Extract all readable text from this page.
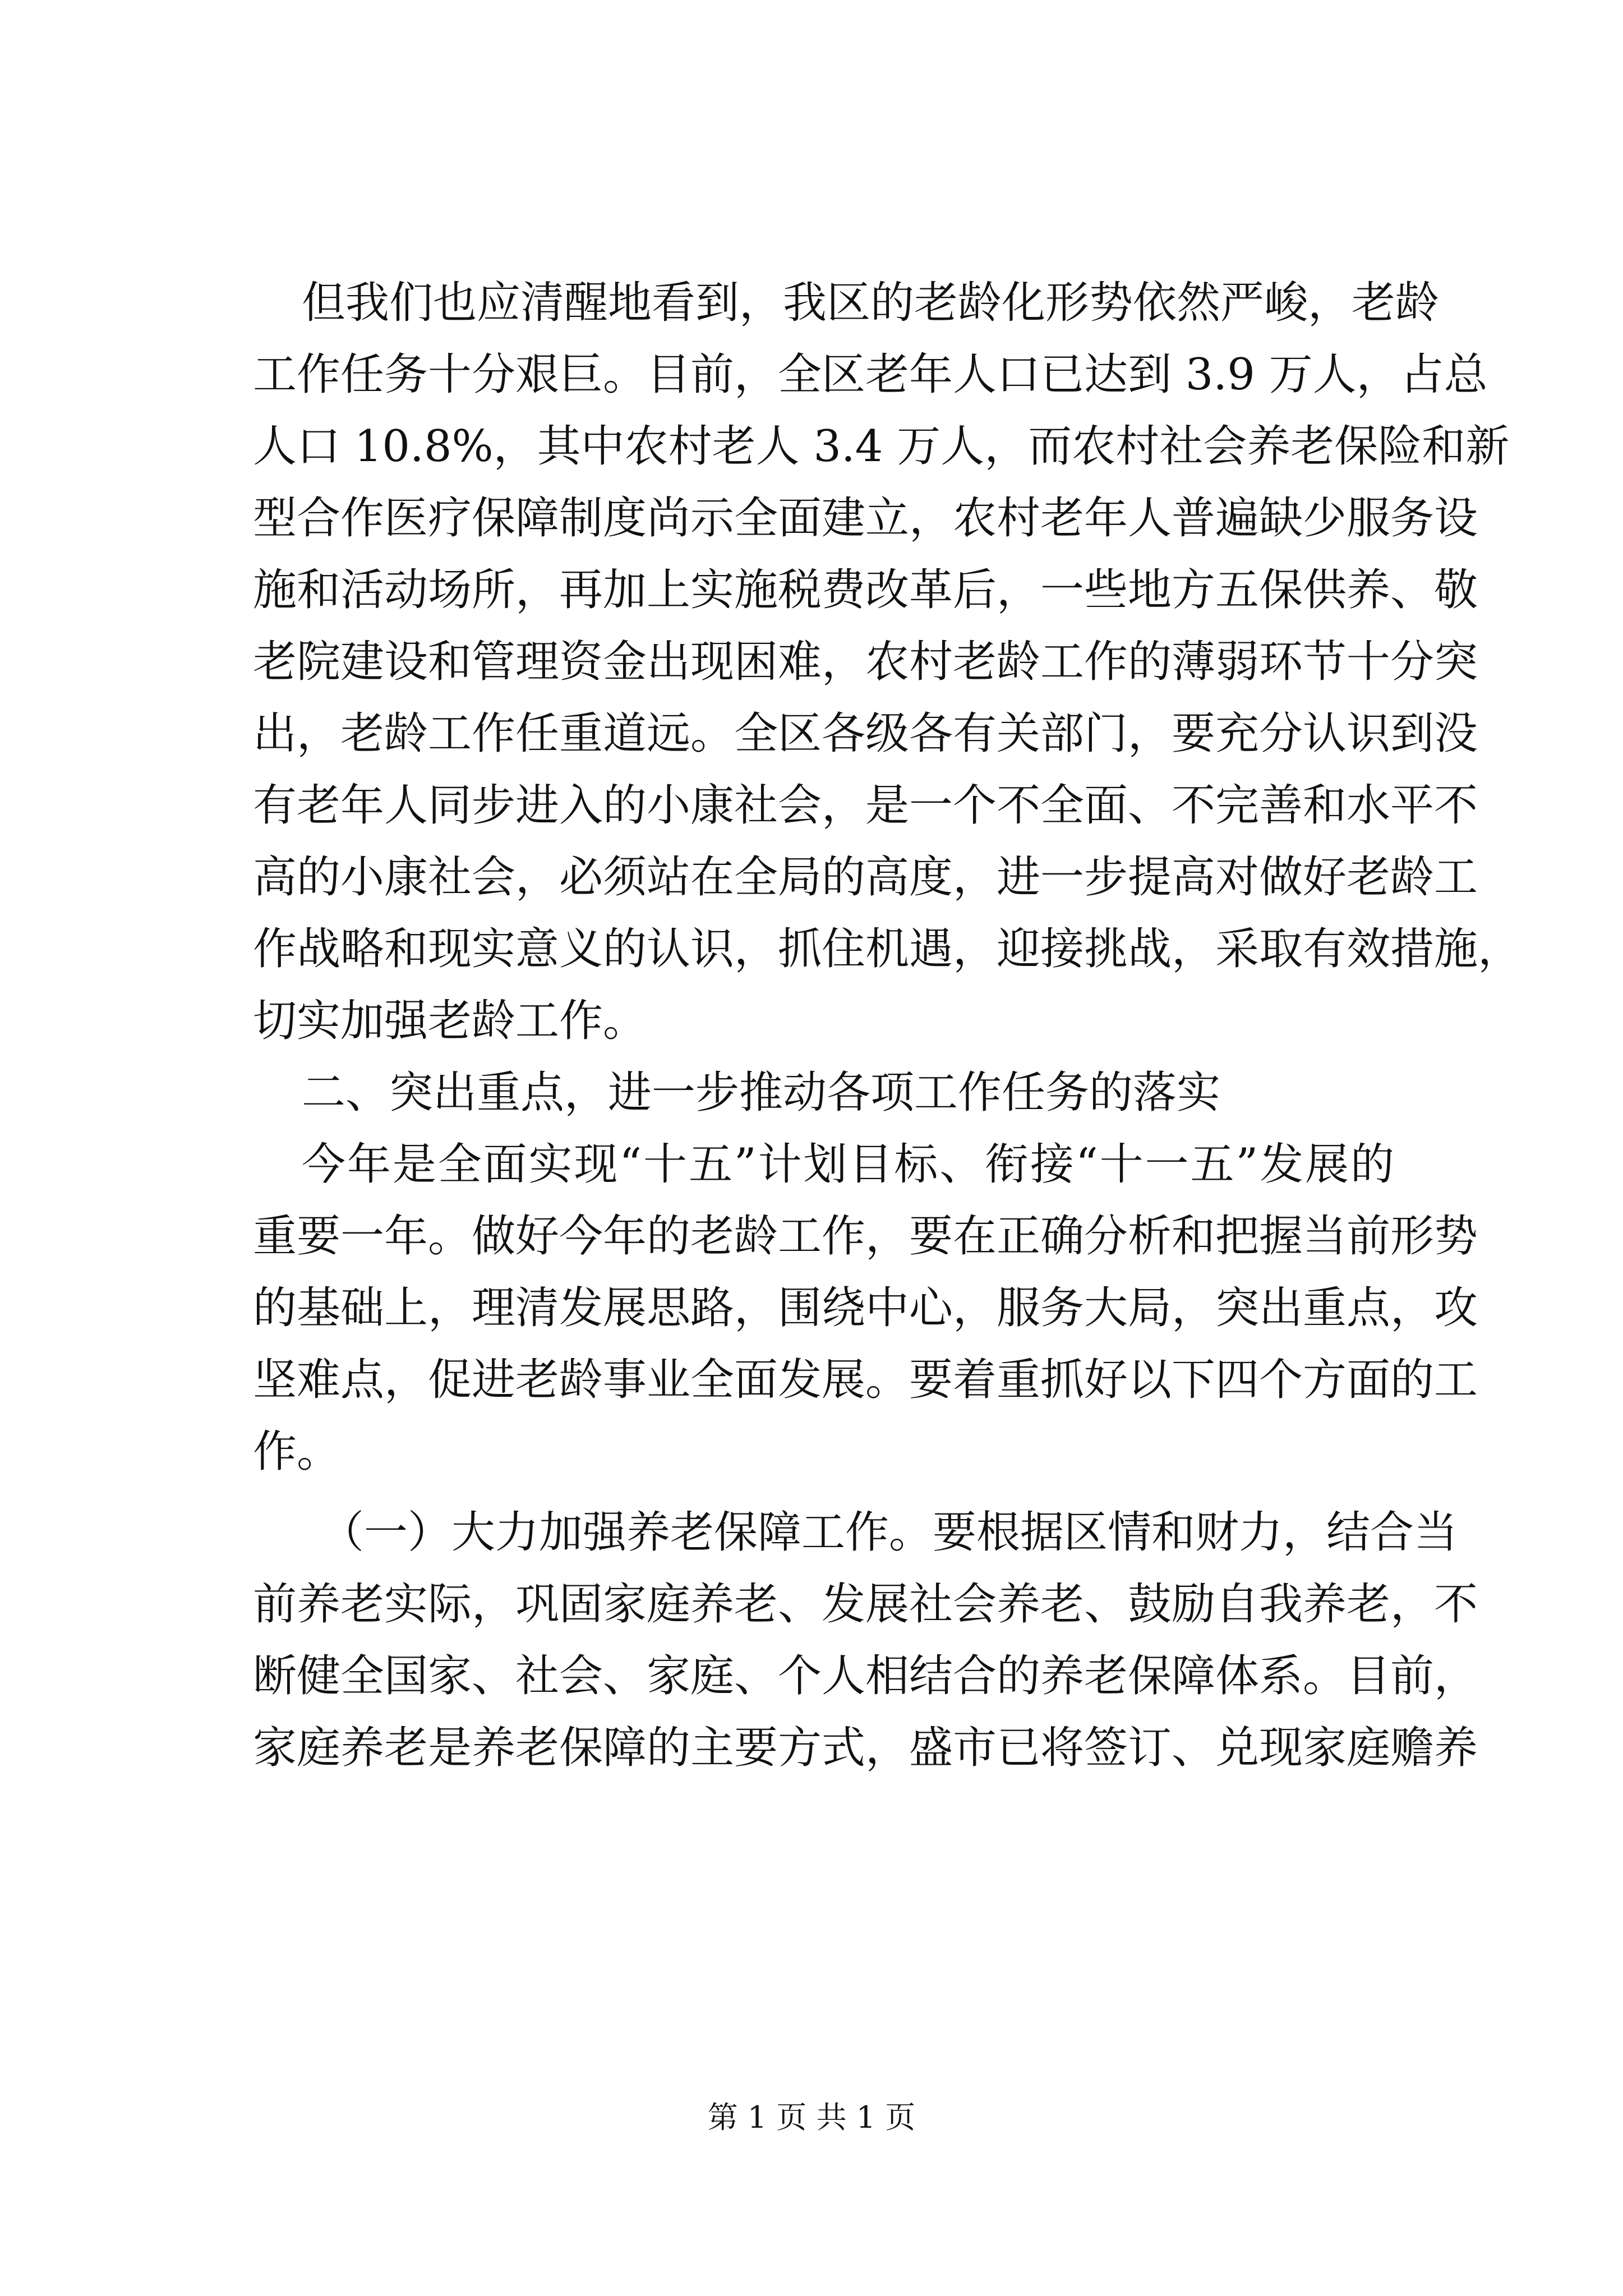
但我们也应清醒地看到，我区的老龄化形势依然严峻，老龄
工作任务十分艰巨。目前，全区老年人口已达到 3.9 万人，占总
人口 10.8%，其中农村老人 3.4 万人，而农村社会养老保险和新
型合作医疗保障制度尚示全面建立，农村老年人普遍缺少服务设
施和活动场所，再加上实施税费改革后，一些地方五保供养、敬
老院建设和管理资金出现困难，农村老龄工作的薄弱环节十分突
出，老龄工作任重道远。全区各级各有关部门，要充分认识到没
有老年人同步进入的小康社会，是一个不全面、不完善和水平不
高的小康社会，必须站在全局的高度，进一步提高对做好老龄工
作战略和现实意义的认识，抓住机遇，迎接挑战，采取有效措施，
切实加强老龄工作。
二、突出重点，进一步推动各项工作任务的落实
今年是全面实现“十五”计划目标、衔接“十一五”发展的
重要一年。做好今年的老龄工作，要在正确分析和把握当前形势
的基础上，理清发展思路，围绕中心，服务大局，突出重点，攻
坚难点，促进老龄事业全面发展。要着重抓好以下四个方面的工
作。
（一）大力加强养老保障工作。要根据区情和财力，结合当
前养老实际，巩固家庭养老、发展社会养老、鼓励自我养老，不
断健全国家、社会、家庭、个人相结合的养老保障体系。目前，
家庭养老是养老保障的主要方式，盛市已将签订、兑现家庭赡养
第 1 页 共 1 页
